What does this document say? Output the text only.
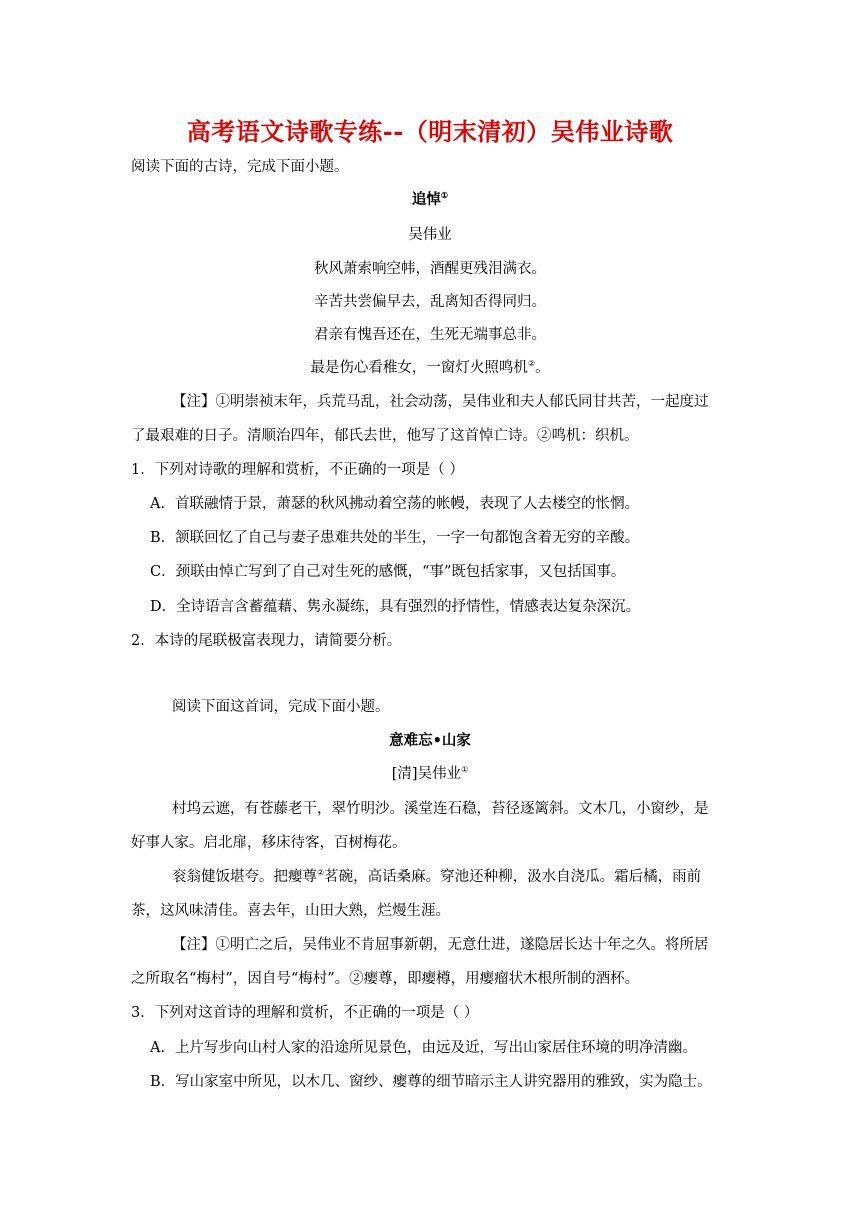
高考语文诗歌专练--（明末清初）吴伟业诗歌
阅读下面的古诗，完成下面小题。
追悼①
吴伟业
秋风萧索响空帏，酒醒更残泪满衣。
辛苦共尝偏早去，乱离知否得同归。
君亲有愧吾还在，生死无端事总非。
最是伤心看稚女，一窗灯火照鸣机②。
【注】①明崇祯末年，兵荒马乱，社会动荡，吴伟业和夫人郁氏同甘共苦，一起度过
了最艰难的日子。清顺治四年，郁氏去世，他写了这首悼亡诗。②鸣机：织机。
1．下列对诗歌的理解和赏析，不正确的一项是（ ）
A．首联融情于景，萧瑟的秋风拂动着空荡的帐幔，表现了人去楼空的怅惘。
B．颔联回忆了自己与妻子患难共处的半生，一字一句都饱含着无穷的辛酸。
C．颈联由悼亡写到了自己对生死的感慨，“事”既包括家事，又包括国事。
D．全诗语言含蓄蕴藉、隽永凝练，具有强烈的抒情性，情感表达复杂深沉。
2．本诗的尾联极富表现力，请简要分析。
阅读下面这首词，完成下面小题。
意难忘•山家
[清]吴伟业①
村坞云遮，有苍藤老干，翠竹明沙。溪堂连石稳，苔径逐篱斜。文木几，小窗纱，是
好事人家。启北扉，移床待客，百树梅花。
衮翁健饭堪夸。把瘿尊②茗碗，高话桑麻。穿池还种柳，汲水自浇瓜。霜后橘，雨前
茶，这风味清佳。喜去年，山田大熟，烂熳生涯。
【注】①明亡之后，吴伟业不肯屈事新朝，无意仕进，遂隐居长达十年之久。将所居
之所取名“梅村”，因自号“梅村”。②瘿尊，即瘿樽，用瘿瘤状木根所制的酒杯。
3．下列对这首诗的理解和赏析，不正确的一项是（ ）
A．上片写步向山村人家的沿途所见景色，由远及近，写出山家居住环境的明净清幽。
B．写山家室中所见，以木几、窗纱、瘿尊的细节暗示主人讲究器用的雅致，实为隐士。
